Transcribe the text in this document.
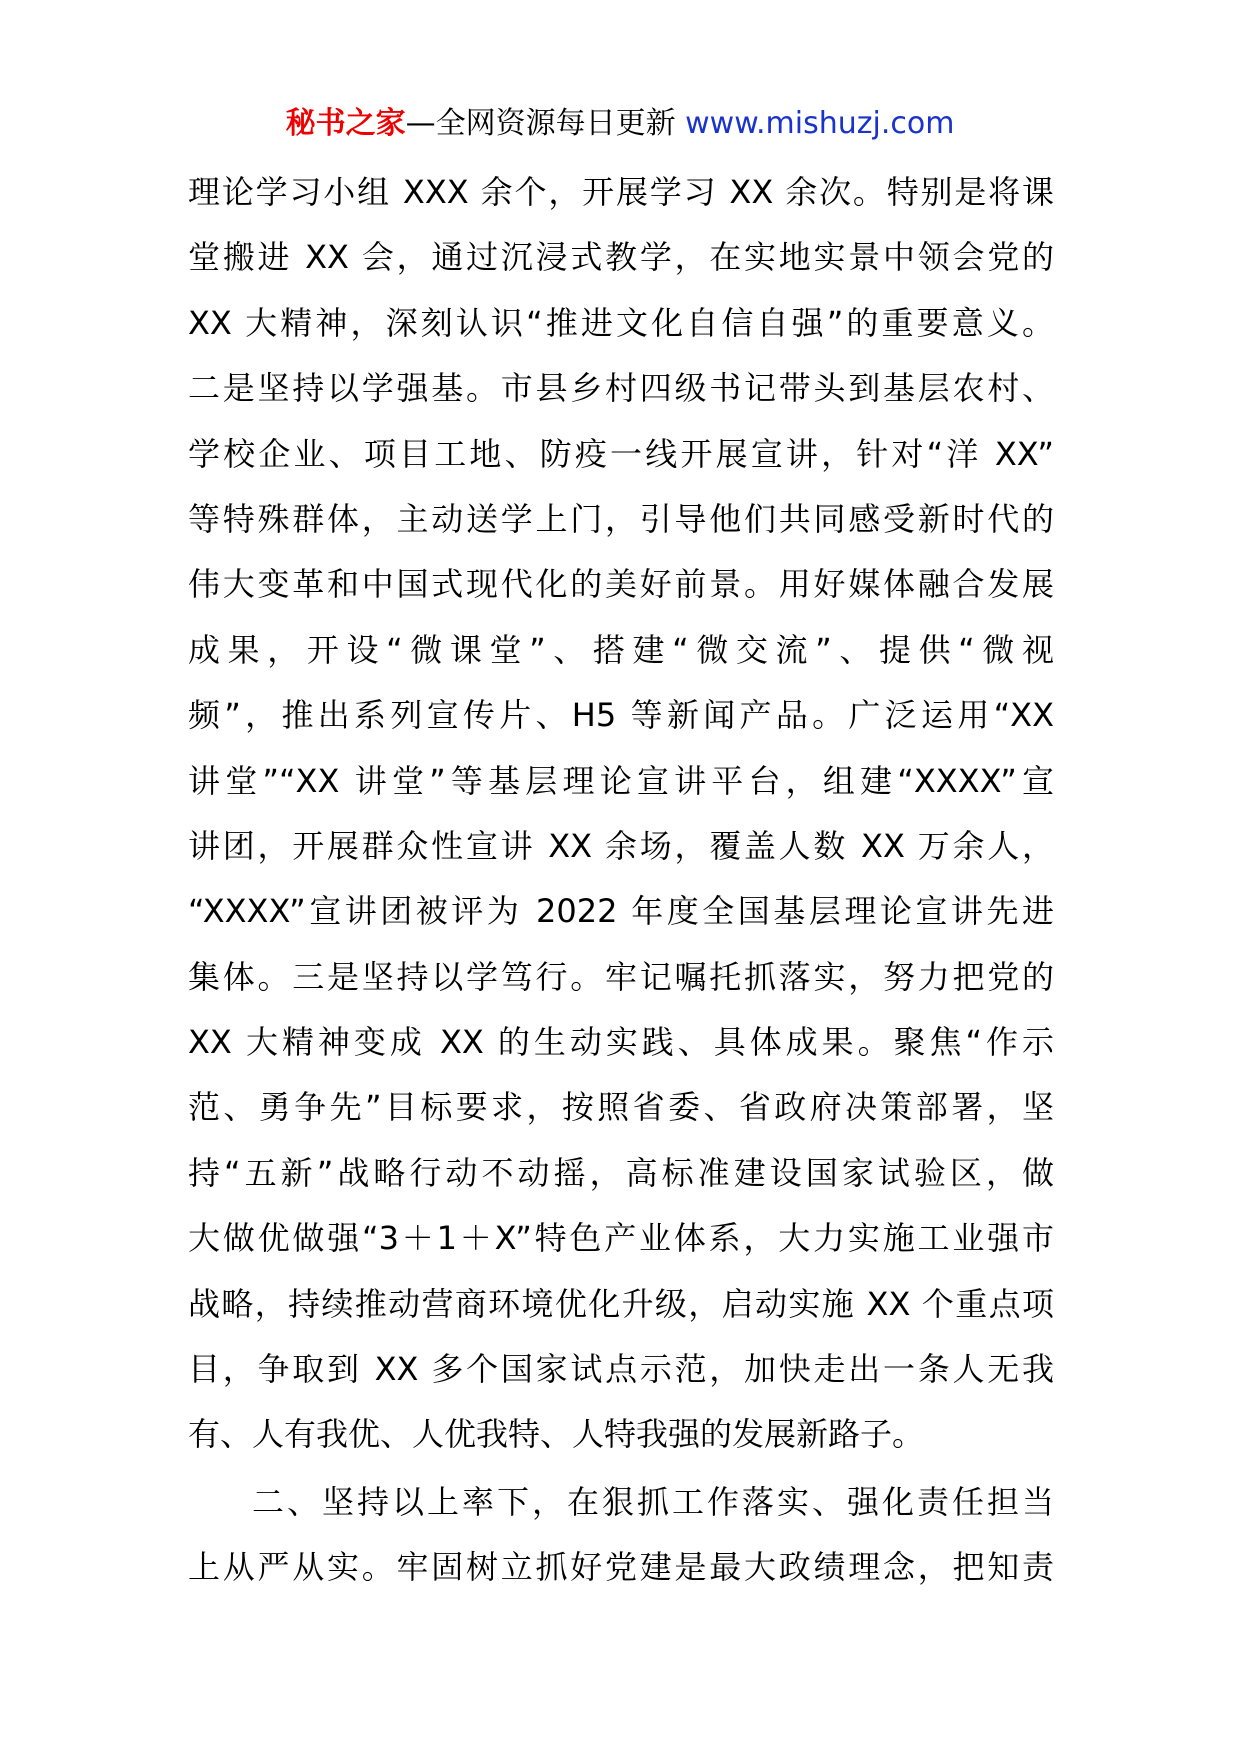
秘书之家—全网资源每日更新 www.mishuzj.com
理论学习小组 XXX 余个，开展学习 XX 余次。特别是将课
堂搬进 XX 会，通过沉浸式教学，在实地实景中领会党的
XX 大精神，深刻认识“推进文化自信自强”的重要意义。
二是坚持以学强基。市县乡村四级书记带头到基层农村、
学校企业、项目工地、防疫一线开展宣讲，针对“洋 XX”
等特殊群体，主动送学上门，引导他们共同感受新时代的
伟大变革和中国式现代化的美好前景。用好媒体融合发展
成果，开设“微课堂”、搭建“微交流”、提供“微视
频”，推出系列宣传片、H5 等新闻产品。广泛运用“XX
讲堂”“XX 讲堂”等基层理论宣讲平台，组建“XXXX”宣
讲团，开展群众性宣讲 XX 余场，覆盖人数 XX 万余人，
“XXXX”宣讲团被评为 2022 年度全国基层理论宣讲先进
集体。三是坚持以学笃行。牢记嘱托抓落实，努力把党的
XX 大精神变成 XX 的生动实践、具体成果。聚焦“作示
范、勇争先”目标要求，按照省委、省政府决策部署，坚
持“五新”战略行动不动摇，高标准建设国家试验区，做
大做优做强“3＋1＋X”特色产业体系，大力实施工业强市
战略，持续推动营商环境优化升级，启动实施 XX 个重点项
目，争取到 XX 多个国家试点示范，加快走出一条人无我
有、人有我优、人优我特、人特我强的发展新路子。
二、坚持以上率下，在狠抓工作落实、强化责任担当
上从严从实。牢固树立抓好党建是最大政绩理念，把知责
